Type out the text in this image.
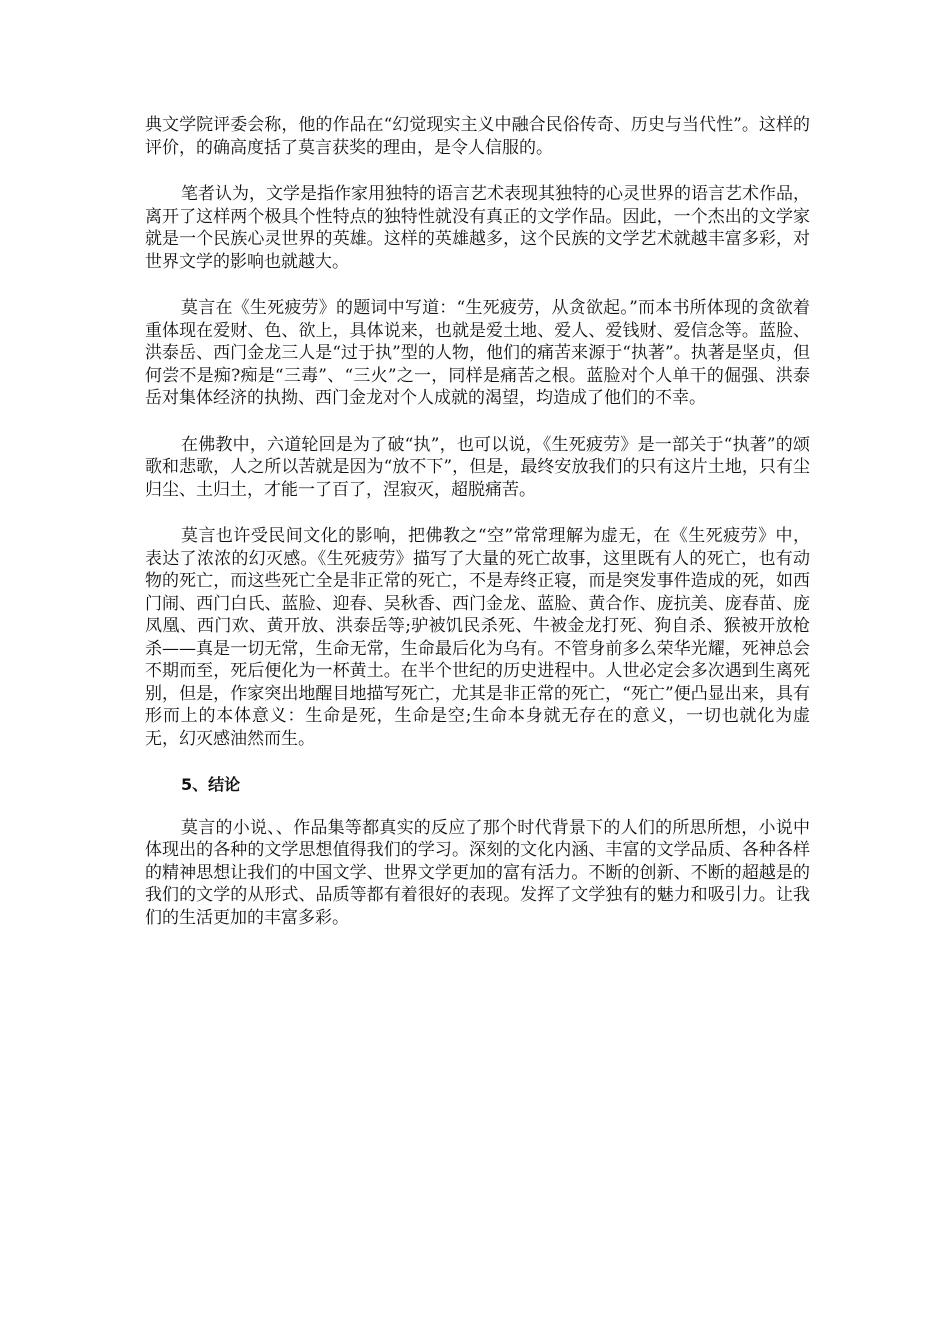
典文学院评委会称，他的作品在“幻觉现实主义中融合民俗传奇、历史与当代性”。这样的评价，的确高度括了莫言获奖的理由，是令人信服的。

笔者认为，文学是指作家用独特的语言艺术表现其独特的心灵世界的语言艺术作品，离开了这样两个极具个性特点的独特性就没有真正的文学作品。因此，一个杰出的文学家就是一个民族心灵世界的英雄。这样的英雄越多，这个民族的文学艺术就越丰富多彩，对世界文学的影响也就越大。

莫言在《生死疲劳》的题词中写道：“生死疲劳，从贪欲起。”而本书所体现的贪欲着重体现在爱财、色、欲上，具体说来，也就是爱土地、爱人、爱钱财、爱信念等。蓝脸、洪泰岳、西门金龙三人是“过于执”型的人物，他们的痛苦来源于“执著”。执著是坚贞，但何尝不是痴?痴是“三毒”、“三火”之一，同样是痛苦之根。蓝脸对个人单干的倔强、洪泰岳对集体经济的执拗、西门金龙对个人成就的渴望，均造成了他们的不幸。

在佛教中，六道轮回是为了破“执”，也可以说，《生死疲劳》是一部关于“执著”的颂歌和悲歌，人之所以苦就是因为“放不下”，但是，最终安放我们的只有这片土地，只有尘归尘、土归土，才能一了百了，涅寂灭，超脱痛苦。

莫言也许受民间文化的影响，把佛教之“空”常常理解为虚无，在《生死疲劳》中，表达了浓浓的幻灭感。《生死疲劳》描写了大量的死亡故事，这里既有人的死亡，也有动物的死亡，而这些死亡全是非正常的死亡，不是寿终正寝，而是突发事件造成的死，如西门闹、西门白氏、蓝脸、迎春、吴秋香、西门金龙、蓝脸、黄合作、庞抗美、庞春苗、庞凤凰、西门欢、黄开放、洪泰岳等;驴被饥民杀死、牛被金龙打死、狗自杀、猴被开放枪杀——真是一切无常，生命无常，生命最后化为乌有。不管身前多么荣华光耀，死神总会不期而至，死后便化为一杯黄土。在半个世纪的历史进程中。人世必定会多次遇到生离死别，但是，作家突出地醒目地描写死亡，尤其是非正常的死亡，“死亡”便凸显出来，具有形而上的本体意义：生命是死，生命是空;生命本身就无存在的意义，一切也就化为虚无，幻灭感油然而生。

5、结论

莫言的小说、、作品集等都真实的反应了那个时代背景下的人们的所思所想，小说中体现出的各种的文学思想值得我们的学习。深刻的文化内涵、丰富的文学品质、各种各样的精神思想让我们的中国文学、世界文学更加的富有活力。不断的创新、不断的超越是的我们的文学的从形式、品质等都有着很好的表现。发挥了文学独有的魅力和吸引力。让我们的生活更加的丰富多彩。
